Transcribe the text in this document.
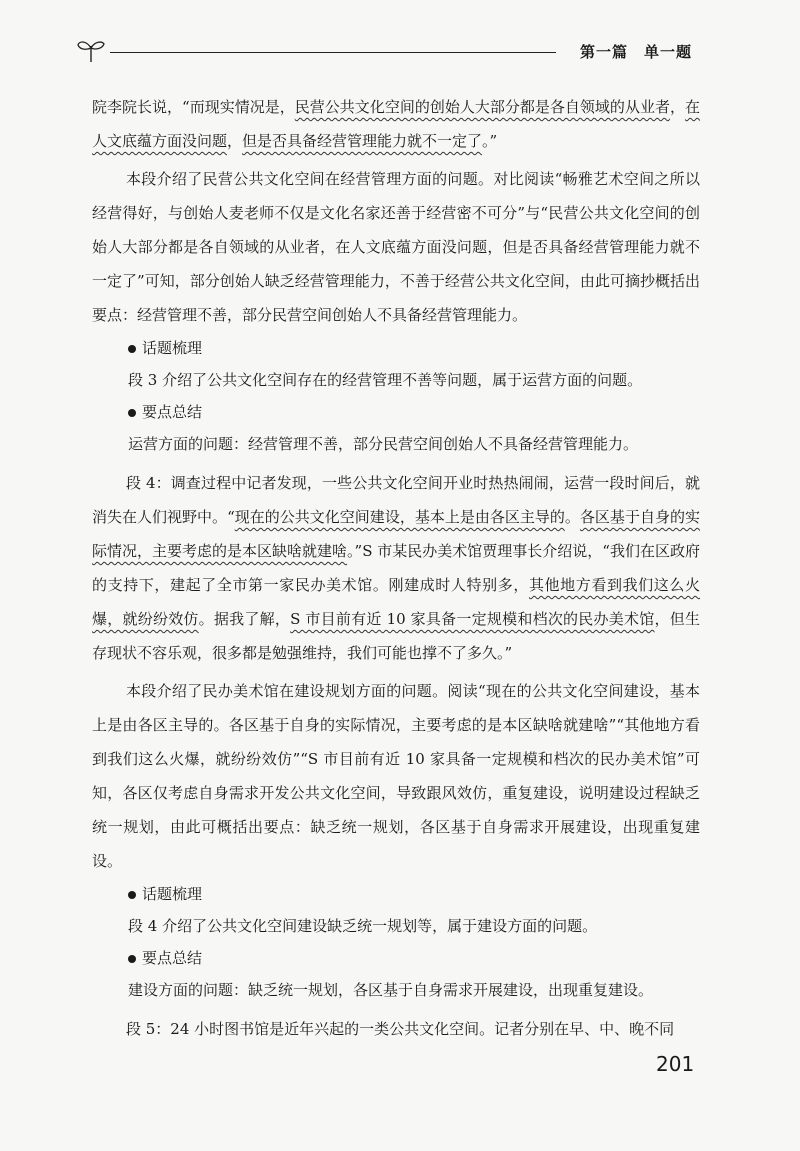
第一篇　单一题

院李院长说，“而现实情况是，民营公共文化空间的创始人大部分都是各自领域的从业者，在人文底蕴方面没问题，但是否具备经营管理能力就不一定了。”

本段介绍了民营公共文化空间在经营管理方面的问题。对比阅读“畅雅艺术空间之所以经营得好，与创始人麦老师不仅是文化名家还善于经营密不可分”与“民营公共文化空间的创始人大部分都是各自领域的从业者，在人文底蕴方面没问题，但是否具备经营管理能力就不一定了”可知，部分创始人缺乏经营管理能力，不善于经营公共文化空间，由此可摘抄概括出要点：经营管理不善，部分民营空间创始人不具备经营管理能力。

话题梳理

段 3 介绍了公共文化空间存在的经营管理不善等问题，属于运营方面的问题。

要点总结

运营方面的问题：经营管理不善，部分民营空间创始人不具备经营管理能力。

段 4：调查过程中记者发现，一些公共文化空间开业时热热闹闹，运营一段时间后，就消失在人们视野中。“现在的公共文化空间建设，基本上是由各区主导的。各区基于自身的实际情况，主要考虑的是本区缺啥就建啥。”S 市某民办美术馆贾理事长介绍说，“我们在区政府的支持下，建起了全市第一家民办美术馆。刚建成时人特别多，其他地方看到我们这么火爆，就纷纷效仿。据我了解，S 市目前有近 10 家具备一定规模和档次的民办美术馆，但生存现状不容乐观，很多都是勉强维持，我们可能也撑不了多久。”

本段介绍了民办美术馆在建设规划方面的问题。阅读“现在的公共文化空间建设，基本上是由各区主导的。各区基于自身的实际情况，主要考虑的是本区缺啥就建啥”“其他地方看到我们这么火爆，就纷纷效仿”“S 市目前有近 10 家具备一定规模和档次的民办美术馆”可知，各区仅考虑自身需求开发公共文化空间，导致跟风效仿，重复建设，说明建设过程缺乏统一规划，由此可概括出要点：缺乏统一规划，各区基于自身需求开展建设，出现重复建设。

话题梳理

段 4 介绍了公共文化空间建设缺乏统一规划等，属于建设方面的问题。

要点总结

建设方面的问题：缺乏统一规划，各区基于自身需求开展建设，出现重复建设。

段 5：24 小时图书馆是近年兴起的一类公共文化空间。记者分别在早、中、晚不同

201
